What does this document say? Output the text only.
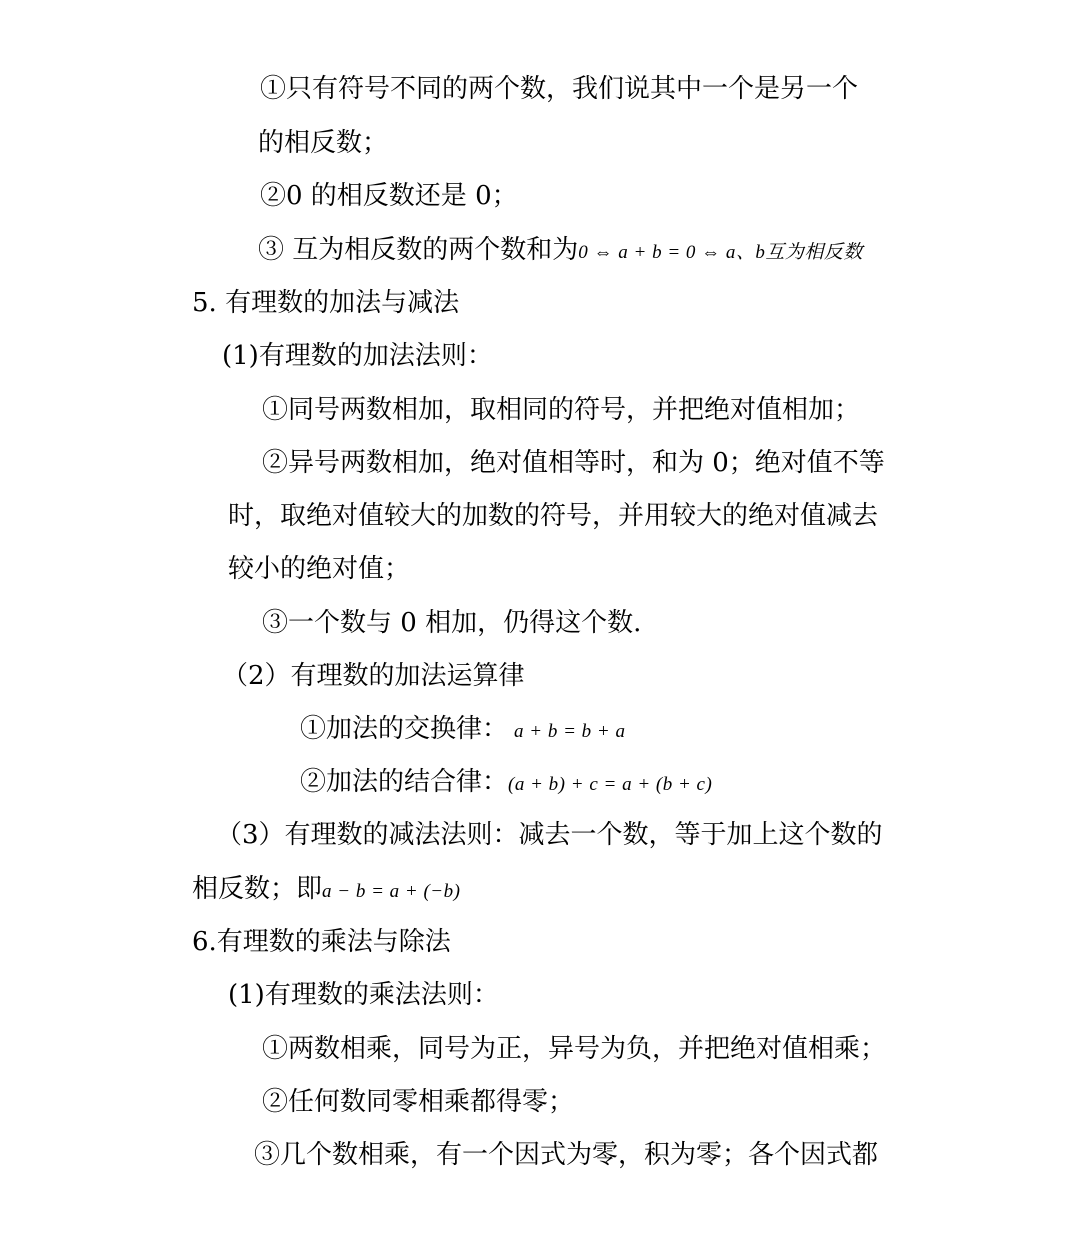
①只有符号不同的两个数，我们说其中一个是另一个

的相反数；

②0 的相反数还是 0；

③ 互为相反数的两个数和为0 ⇔ a + b = 0 ⇔ a、b互为相反数

5. 有理数的加法与减法

(1)有理数的加法法则：

①同号两数相加，取相同的符号，并把绝对值相加；

②异号两数相加，绝对值相等时，和为 0；绝对值不等

时，取绝对值较大的加数的符号，并用较大的绝对值减去

较小的绝对值；

③一个数与 0 相加，仍得这个数.

（2）有理数的加法运算律

①加法的交换律： a + b = b + a

②加法的结合律：(a + b) + c = a + (b + c)

（3）有理数的减法法则：减去一个数，等于加上这个数的

相反数；即a − b = a + (−b)

6.有理数的乘法与除法

(1)有理数的乘法法则：

①两数相乘，同号为正，异号为负，并把绝对值相乘；

②任何数同零相乘都得零；

③几个数相乘，有一个因式为零，积为零；各个因式都
